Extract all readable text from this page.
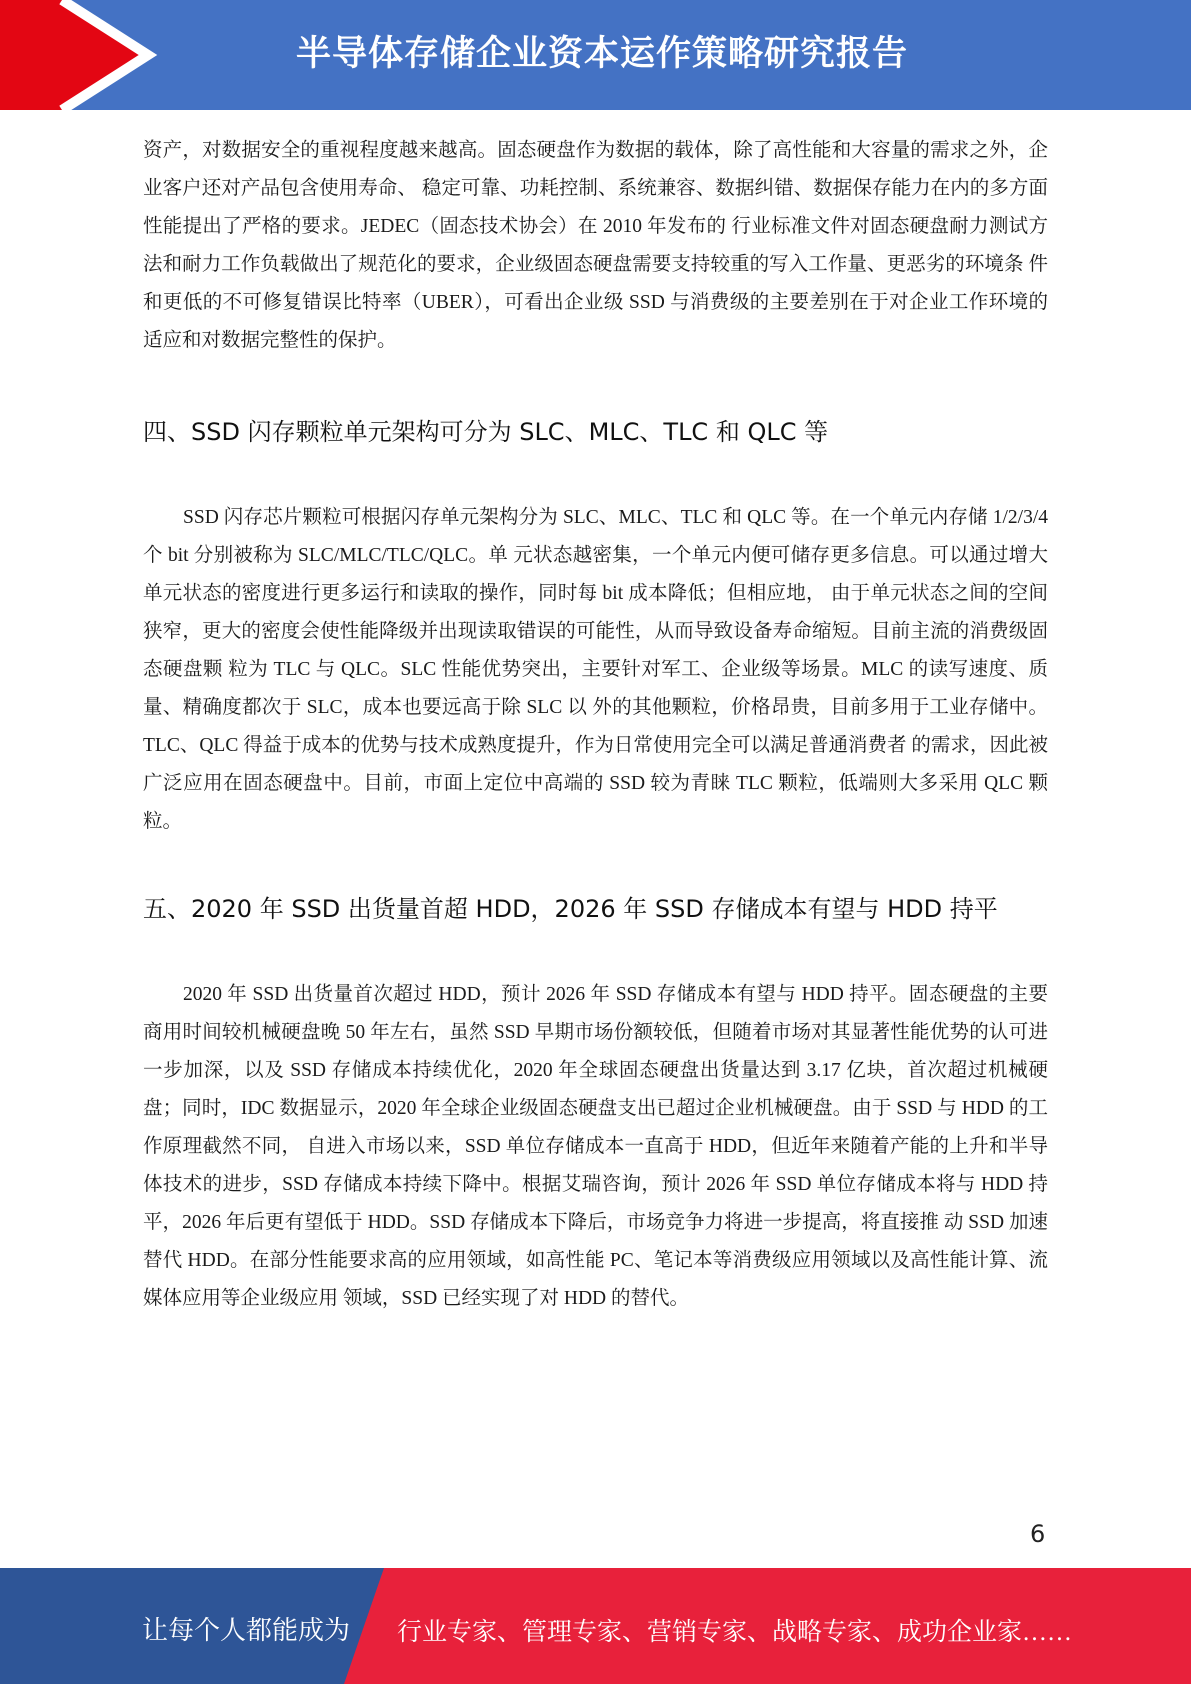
半导体存储企业资本运作策略研究报告

资产，对数据安全的重视程度越来越高。固态硬盘作为数据的载体，除了高性能和大容量的需求之外，企业客户还对产品包含使用寿命、 稳定可靠、功耗控制、系统兼容、数据纠错、数据保存能力在内的多方面性能提出了严格的要求。JEDEC（固态技术协会）在 2010 年发布的 行业标准文件对固态硬盘耐力测试方法和耐力工作负载做出了规范化的要求，企业级固态硬盘需要支持较重的写入工作量、更恶劣的环境条 件和更低的不可修复错误比特率（UBER），可看出企业级 SSD 与消费级的主要差别在于对企业工作环境的适应和对数据完整性的保护。

四、SSD 闪存颗粒单元架构可分为 SLC、MLC、TLC 和 QLC 等

SSD 闪存芯片颗粒可根据闪存单元架构分为 SLC、MLC、TLC 和 QLC 等。在一个单元内存储 1/2/3/4 个 bit 分别被称为 SLC/MLC/TLC/QLC。单 元状态越密集，一个单元内便可储存更多信息。可以通过增大单元状态的密度进行更多运行和读取的操作，同时每 bit 成本降低；但相应地， 由于单元状态之间的空间狭窄，更大的密度会使性能降级并出现读取错误的可能性，从而导致设备寿命缩短。目前主流的消费级固态硬盘颗 粒为 TLC 与 QLC。SLC 性能优势突出，主要针对军工、企业级等场景。MLC 的读写速度、质量、精确度都次于 SLC，成本也要远高于除 SLC 以 外的其他颗粒，价格昂贵，目前多用于工业存储中。TLC、QLC 得益于成本的优势与技术成熟度提升，作为日常使用完全可以满足普通消费者 的需求，因此被广泛应用在固态硬盘中。目前，市面上定位中高端的 SSD 较为青睐 TLC 颗粒，低端则大多采用 QLC 颗粒。

五、2020 年 SSD 出货量首超 HDD，2026 年 SSD 存储成本有望与 HDD 持平

2020 年 SSD 出货量首次超过 HDD，预计 2026 年 SSD 存储成本有望与 HDD 持平。固态硬盘的主要商用时间较机械硬盘晚 50 年左右，虽然 SSD 早期市场份额较低，但随着市场对其显著性能优势的认可进一步加深，以及 SSD 存储成本持续优化，2020 年全球固态硬盘出货量达到 3.17 亿块，首次超过机械硬盘；同时，IDC 数据显示，2020 年全球企业级固态硬盘支出已超过企业机械硬盘。由于 SSD 与 HDD 的工作原理截然不同， 自进入市场以来，SSD 单位存储成本一直高于 HDD，但近年来随着产能的上升和半导体技术的进步，SSD 存储成本持续下降中。根据艾瑞咨询，预计 2026 年 SSD 单位存储成本将与 HDD 持平，2026 年后更有望低于 HDD。SSD 存储成本下降后，市场竞争力将进一步提高，将直接推 动 SSD 加速替代 HDD。在部分性能要求高的应用领域，如高性能 PC、笔记本等消费级应用领域以及高性能计算、流媒体应用等企业级应用 领域，SSD 已经实现了对 HDD 的替代。

6
让每个人都能成为 行业专家、管理专家、营销专家、战略专家、成功企业家……
